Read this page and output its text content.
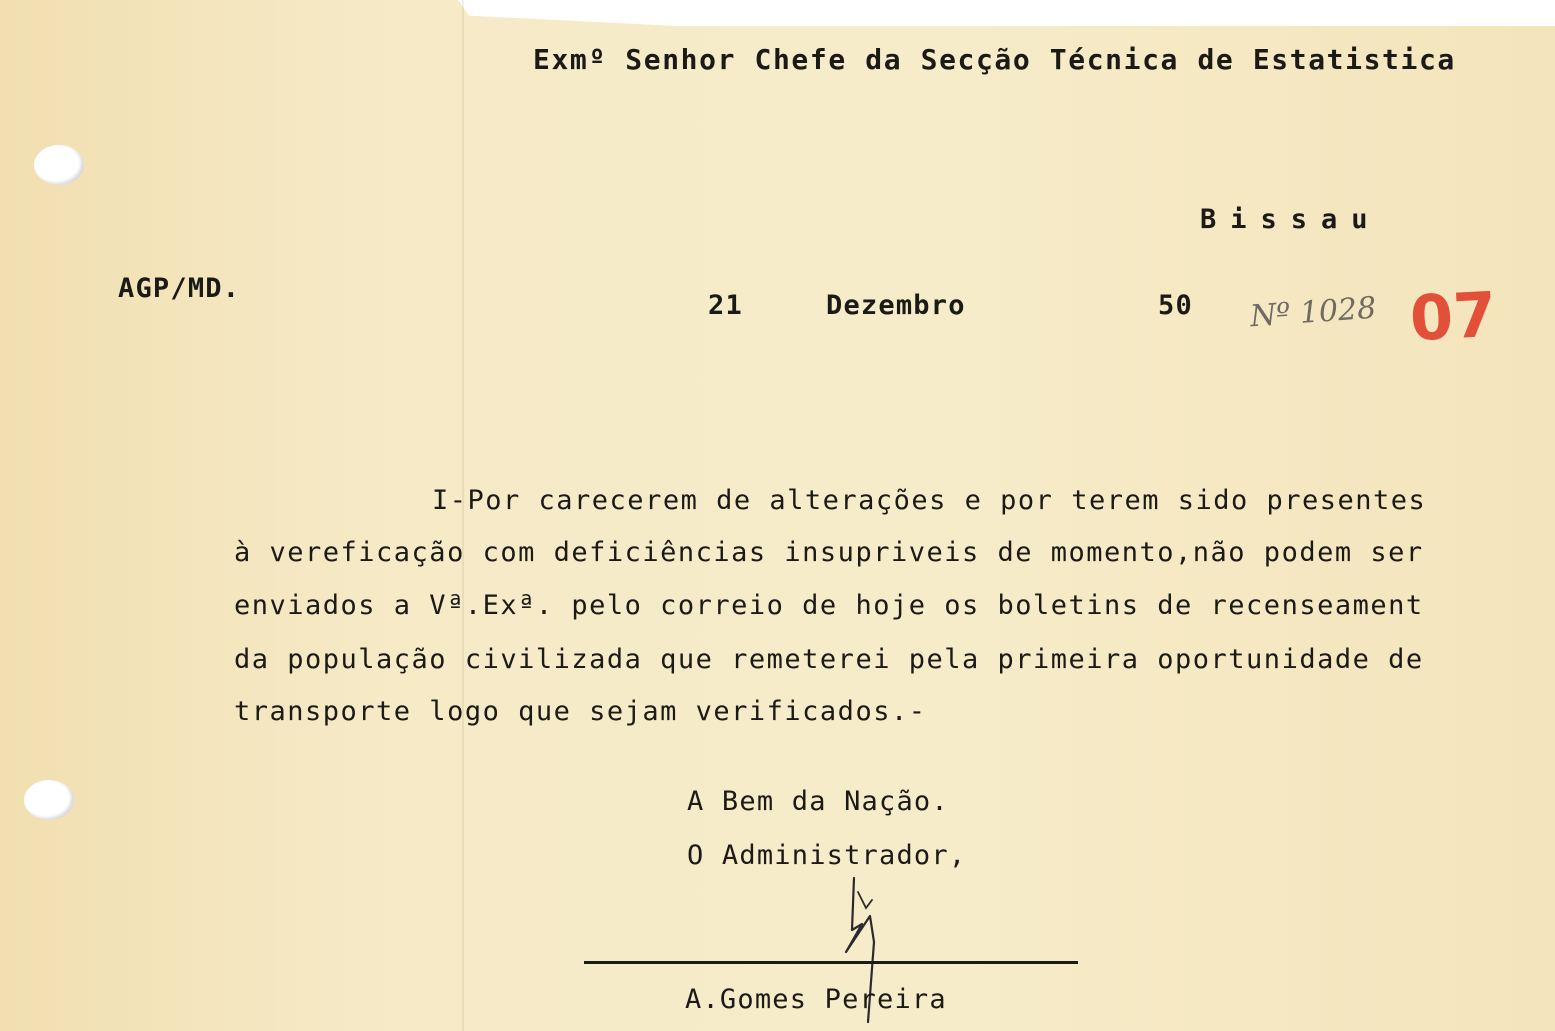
Exmº Senhor Chefe da Secção Técnica de Estatistica

Bissau

AGP/MD.

21	Dezembro	50 Nº 1028 07

I-Por carecerem de alterações e por terem sido presentes

à vereficação com deficiências insupriveis de momento,não podem ser

enviados a Vª.Exª. pelo correio de hoje os boletins de recenseament

da população civilizada que remeterei pela primeira oportunidade de

transporte logo que sejam verificados.-

A Bem da Nação.

O Administrador,

A.Gomes Pereira
